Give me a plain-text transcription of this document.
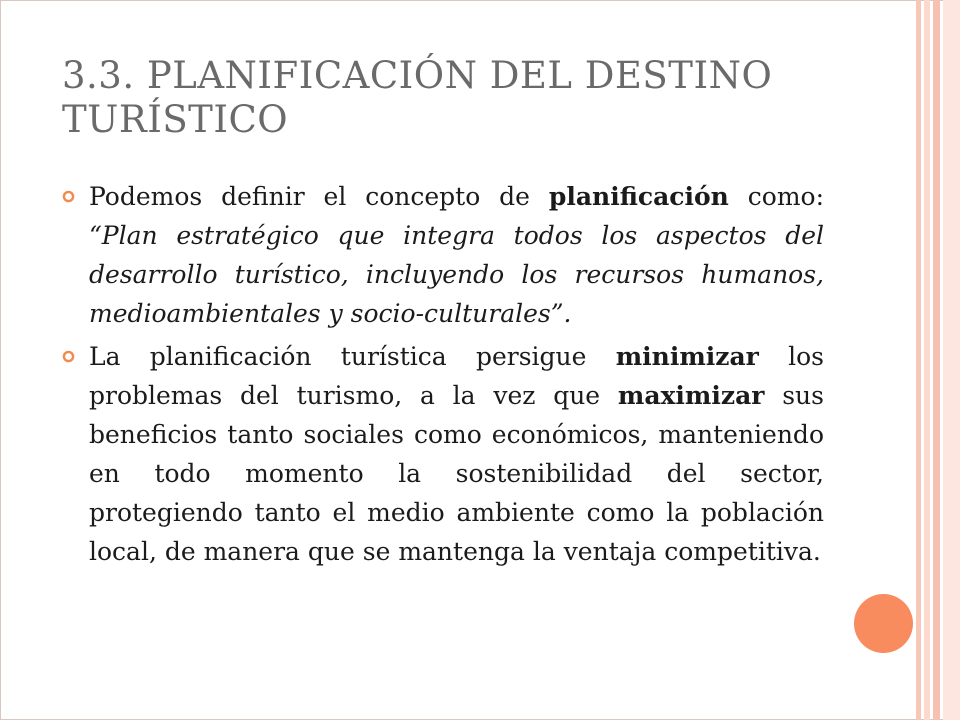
3.3. PLANIFICACIÓN DEL DESTINO TURÍSTICO

Podemos definir el concepto de planificación como: “Plan estratégico que integra todos los aspectos del desarrollo turístico, incluyendo los recursos humanos, medioambientales y socio-culturales”.

La planificación turística persigue minimizar los problemas del turismo, a la vez que maximizar sus beneficios tanto sociales como económicos, manteniendo en todo momento la sostenibilidad del sector, protegiendo tanto el medio ambiente como la población local, de manera que se mantenga la ventaja competitiva.
